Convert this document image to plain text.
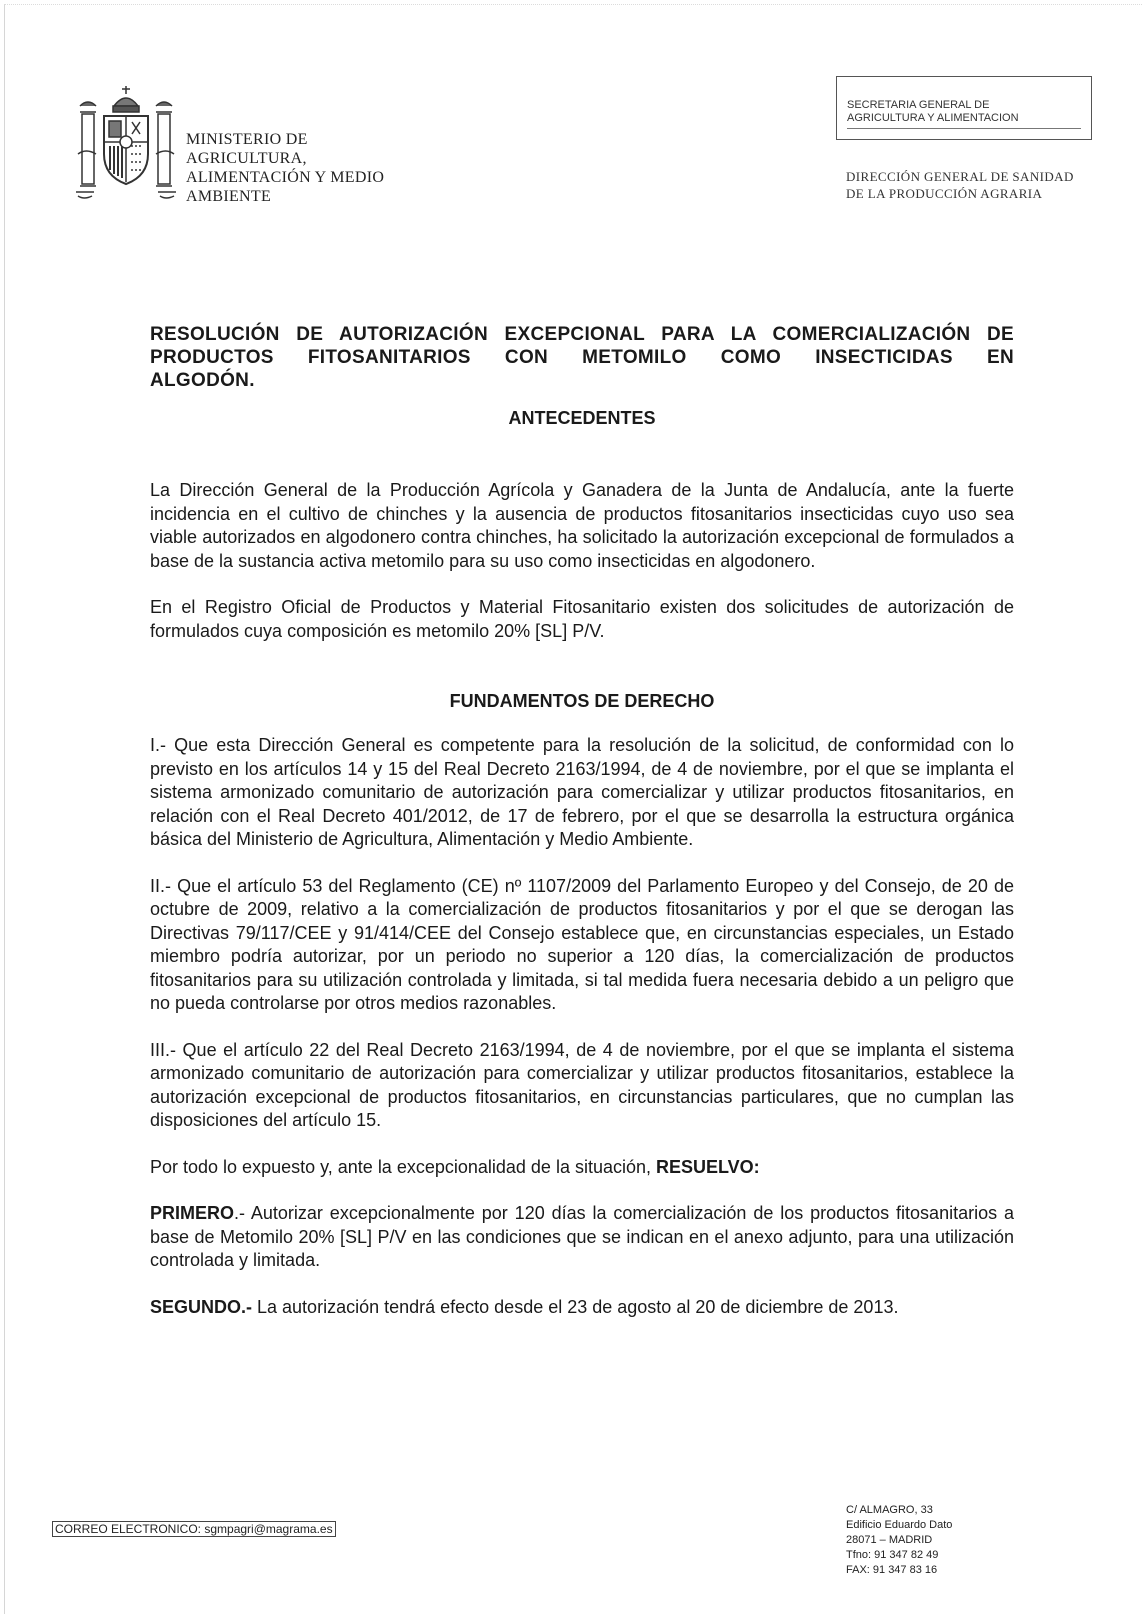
MINISTERIO DE
AGRICULTURA,
ALIMENTACIÓN Y MEDIO
AMBIENTE
SECRETARIA GENERAL DE
AGRICULTURA Y ALIMENTACION
DIRECCIÓN GENERAL DE SANIDAD
DE LA PRODUCCIÓN AGRARIA
RESOLUCIÓN DE AUTORIZACIÓN EXCEPCIONAL PARA LA COMERCIALIZACIÓN DE
PRODUCTOS FITOSANITARIOS CON METOMILO COMO INSECTICIDAS EN
ALGODÓN.
ANTECEDENTES

La Dirección General de la Producción Agrícola y Ganadera de la Junta de Andalucía, ante la fuerte incidencia en el cultivo de chinches y la ausencia de productos fitosanitarios insecticidas cuyo uso sea viable autorizados en algodonero contra chinches, ha solicitado la autorización excepcional de formulados a base de la sustancia activa metomilo para su uso como insecticidas en algodonero.

En el Registro Oficial de Productos y Material Fitosanitario existen dos solicitudes de autorización de formulados cuya composición es metomilo 20% [SL] P/V.

FUNDAMENTOS DE DERECHO

I.- Que esta Dirección General es competente para la resolución de la solicitud, de conformidad con lo previsto en los artículos 14 y 15 del Real Decreto 2163/1994, de 4 de noviembre, por el que se implanta el sistema armonizado comunitario de autorización para comercializar y utilizar productos fitosanitarios, en relación con el Real Decreto 401/2012, de 17 de febrero, por el que se desarrolla la estructura orgánica básica del Ministerio de Agricultura, Alimentación y Medio Ambiente.

II.- Que el artículo 53 del Reglamento (CE) nº 1107/2009 del Parlamento Europeo y del Consejo, de 20 de octubre de 2009, relativo a la comercialización de productos fitosanitarios y por el que se derogan las Directivas 79/117/CEE y 91/414/CEE del Consejo establece que, en circunstancias especiales, un Estado miembro podría autorizar, por un periodo no superior a 120 días, la comercialización de productos fitosanitarios para su utilización controlada y limitada, si tal medida fuera necesaria debido a un peligro que no pueda controlarse por otros medios razonables.

III.- Que el artículo 22 del Real Decreto 2163/1994, de 4 de noviembre, por el que se implanta el sistema armonizado comunitario de autorización para comercializar y utilizar productos fitosanitarios, establece la autorización excepcional de productos fitosanitarios, en circunstancias particulares, que no cumplan las disposiciones del artículo 15.

Por todo lo expuesto y, ante la excepcionalidad de la situación, RESUELVO:

PRIMERO.- Autorizar excepcionalmente por 120 días la comercialización de los productos fitosanitarios a base de Metomilo 20% [SL] P/V en las condiciones que se indican en el anexo adjunto, para una utilización controlada y limitada.

SEGUNDO.- La autorización tendrá efecto desde el 23 de agosto al 20 de diciembre de 2013.

CORREO ELECTRONICO: sgmpagri@magrama.es
C/ ALMAGRO, 33
Edificio Eduardo Dato
28071 – MADRID
Tfno: 91 347 82 49
FAX: 91 347 83 16
